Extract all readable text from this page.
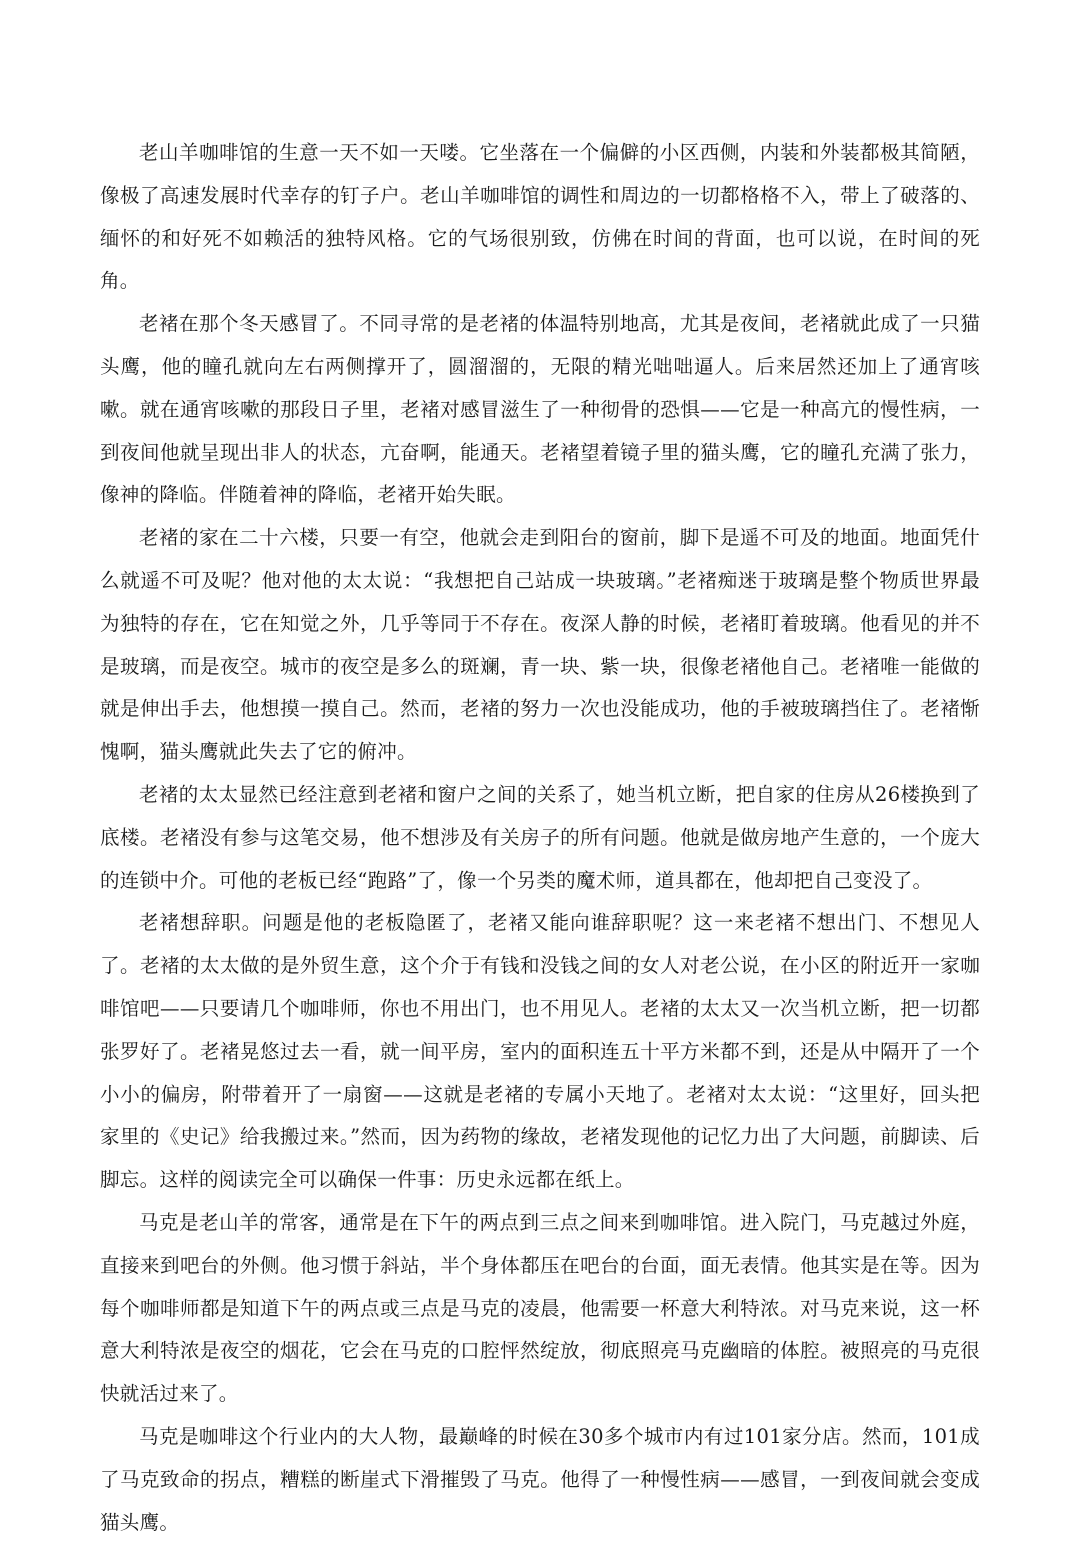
老山羊咖啡馆的生意一天不如一天喽。它坐落在一个偏僻的小区西侧，内装和外装都极其简陋，像极了高速发展时代幸存的钉子户。老山羊咖啡馆的调性和周边的一切都格格不入，带上了破落的、缅怀的和好死不如赖活的独特风格。它的气场很别致，仿佛在时间的背面，也可以说，在时间的死角。

老褚在那个冬天感冒了。不同寻常的是老褚的体温特别地高，尤其是夜间，老褚就此成了一只猫头鹰，他的瞳孔就向左右两侧撑开了，圆溜溜的，无限的精光咄咄逼人。后来居然还加上了通宵咳嗽。就在通宵咳嗽的那段日子里，老褚对感冒滋生了一种彻骨的恐惧——它是一种高亢的慢性病，一到夜间他就呈现出非人的状态，亢奋啊，能通天。老褚望着镜子里的猫头鹰，它的瞳孔充满了张力，像神的降临。伴随着神的降临，老褚开始失眠。

老褚的家在二十六楼，只要一有空，他就会走到阳台的窗前，脚下是遥不可及的地面。地面凭什么就遥不可及呢？他对他的太太说：“我想把自己站成一块玻璃。”老褚痴迷于玻璃是整个物质世界最为独特的存在，它在知觉之外，几乎等同于不存在。夜深人静的时候，老褚盯着玻璃。他看见的并不是玻璃，而是夜空。城市的夜空是多么的斑斓，青一块、紫一块，很像老褚他自己。老褚唯一能做的就是伸出手去，他想摸一摸自己。然而，老褚的努力一次也没能成功，他的手被玻璃挡住了。老褚惭愧啊，猫头鹰就此失去了它的俯冲。

老褚的太太显然已经注意到老褚和窗户之间的关系了，她当机立断，把自家的住房从26楼换到了底楼。老褚没有参与这笔交易，他不想涉及有关房子的所有问题。他就是做房地产生意的，一个庞大的连锁中介。可他的老板已经“跑路”了，像一个另类的魔术师，道具都在，他却把自己变没了。

老褚想辞职。问题是他的老板隐匿了，老褚又能向谁辞职呢？这一来老褚不想出门、不想见人了。老褚的太太做的是外贸生意，这个介于有钱和没钱之间的女人对老公说，在小区的附近开一家咖啡馆吧——只要请几个咖啡师，你也不用出门，也不用见人。老褚的太太又一次当机立断，把一切都张罗好了。老褚晃悠过去一看，就一间平房，室内的面积连五十平方米都不到，还是从中隔开了一个小小的偏房，附带着开了一扇窗——这就是老褚的专属小天地了。老褚对太太说：“这里好，回头把家里的《史记》给我搬过来。”然而，因为药物的缘故，老褚发现他的记忆力出了大问题，前脚读、后脚忘。这样的阅读完全可以确保一件事：历史永远都在纸上。

马克是老山羊的常客，通常是在下午的两点到三点之间来到咖啡馆。进入院门，马克越过外庭，直接来到吧台的外侧。他习惯于斜站，半个身体都压在吧台的台面，面无表情。他其实是在等。因为每个咖啡师都是知道下午的两点或三点是马克的凌晨，他需要一杯意大利特浓。对马克来说，这一杯意大利特浓是夜空的烟花，它会在马克的口腔怦然绽放，彻底照亮马克幽暗的体腔。被照亮的马克很快就活过来了。

马克是咖啡这个行业内的大人物，最巅峰的时候在30多个城市内有过101家分店。然而，101成了马克致命的拐点，糟糕的断崖式下滑摧毁了马克。他得了一种慢性病——感冒，一到夜间就会变成猫头鹰。
